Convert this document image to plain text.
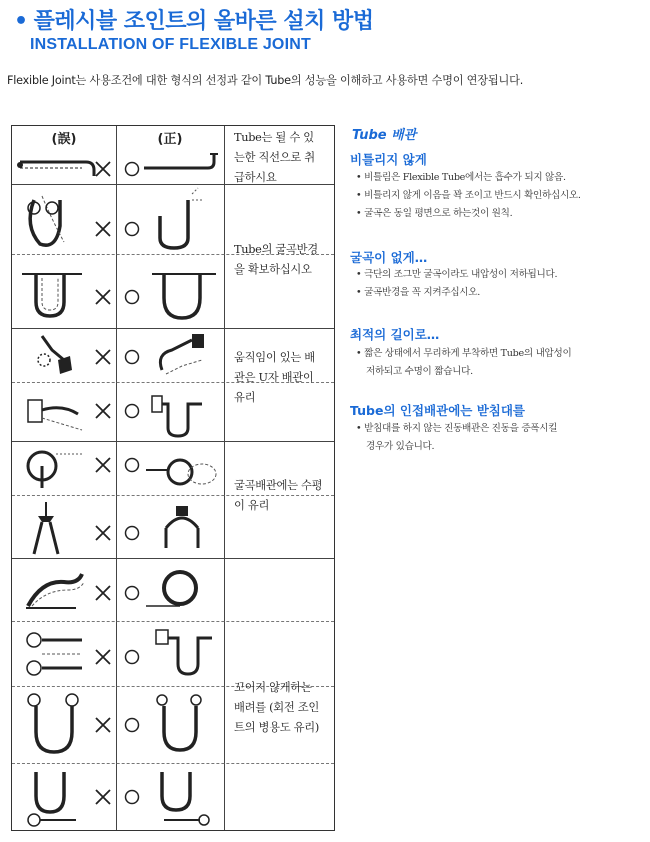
• 플레시블 조인트의 올바른 설치 방법
INSTALLATION OF FLEXIBLE JOINT
Flexible Joint는 사용조건에 대한 형식의 선정과 같이 Tube의 성능을 이해하고 사용하면 수명이 연장됩니다.
(誤)	(正)	Tube는 될 수 있
는한 직선으로 취
급하시요
Tube의 굴곡반경
을 확보하십시오
움직임이 있는 배
관은 U자 배관이
유리
굴곡배관에는 수평
이 유리
꼬이지 않게하는
배려를 (회전 조인
트의 병용도 유리)
Tube 배관
비틀리지 않게
• 비틀림은 Flexible Tube에서는 흡수가 되지 않음.
• 비틀리지 않게 이음을 꽉 조이고 반드시 확인하십시오.
• 굴곡은 동일 평면으로 하는것이 원칙.
굴곡이 없게…
• 극단의 조그만 굴곡이라도 내압성이 저하됩니다.
• 굴곡반경을 꼭 지켜주십시오.
최적의 길이로…
• 짧은 상태에서 무리하게 부착하면 Tube의 내압성이
저하되고 수명이 짧습니다.
Tube의 인접배관에는 받침대를
• 받침대를 하지 않는 진동배관은 진동을 증폭시킬
경우가 있습니다.
